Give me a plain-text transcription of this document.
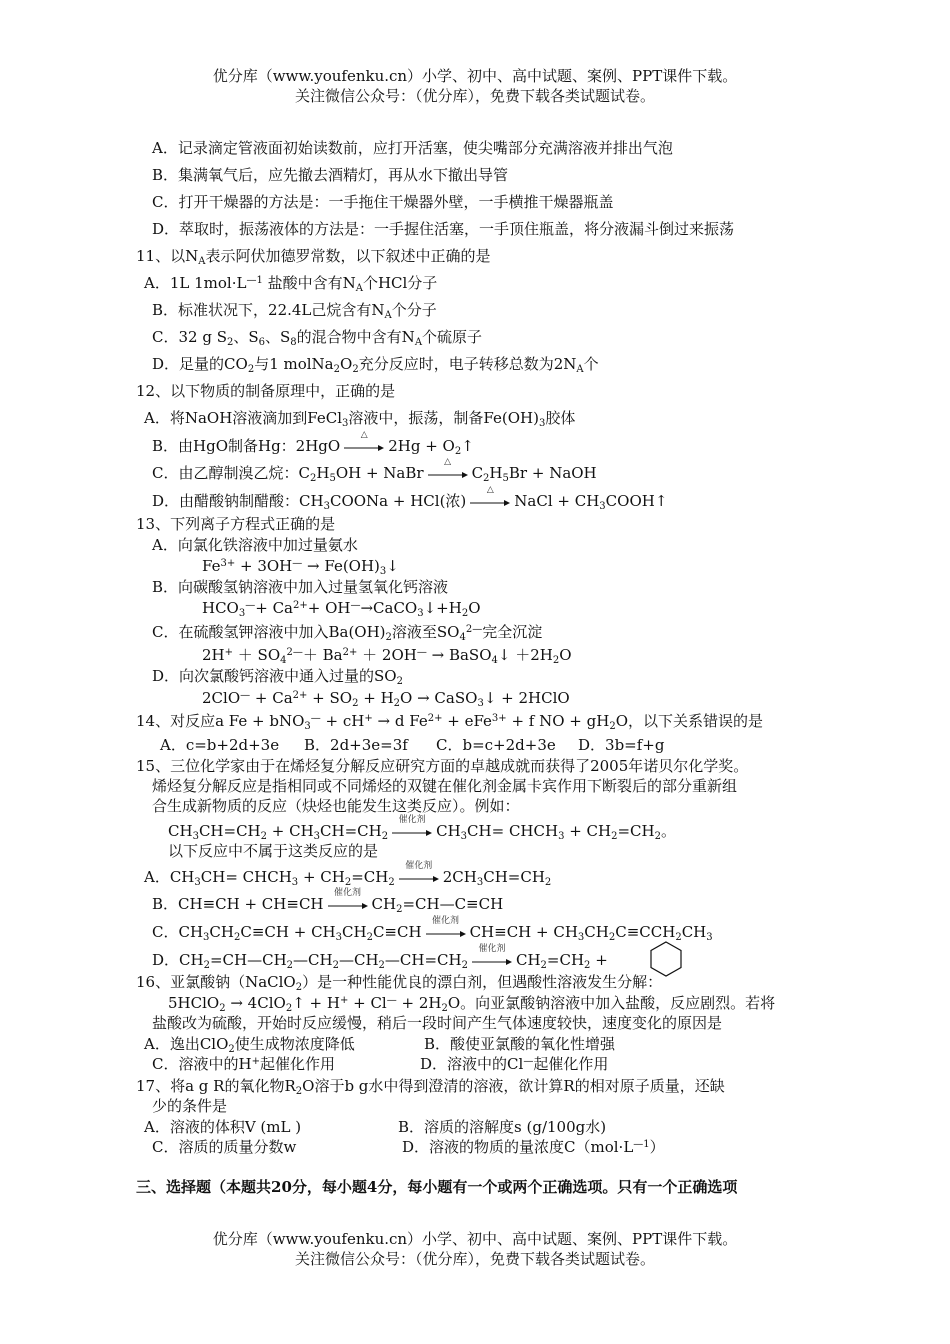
优分库（www.youfenku.cn）小学、初中、高中试题、案例、PPT课件下载。
关注微信公众号：（优分库），免费下载各类试题试卷。
A．记录滴定管液面初始读数前，应打开活塞，使尖嘴部分充满溶液并排出气泡
B．集满氧气后，应先撤去酒精灯，再从水下撤出导管
C．打开干燥器的方法是：一手拖住干燥器外壁，一手横推干燥器瓶盖
D．萃取时，振荡液体的方法是：一手握住活塞，一手顶住瓶盖，将分液漏斗倒过来振荡
11、以$N_A$表示阿伏加德罗常数，以下叙述中正确的是
A．1L $1mol\cdot L^{—1}$ 盐酸中含有$N_A$个HCl分子
B．标准状况下，22.4L己烷含有$N_A$个分子
C．32 g $S_2$、$S_6$、$S_8$的混合物中含有$N_A$个硫原子
D．足量的$CO_2$与1 $molNa_2O_2$充分反应时，电子转移总数为$2N_A$个
12、以下物质的制备原理中，正确的是
A．将NaOH溶液滴加到FeCl$_3$溶液中，振荡，制备$Fe(OH)_3$胶体
B．由HgO制备Hg：2HgO
△
$2Hg + O_2↑$
C．由乙醇制溴乙烷：$C_2H_5OH$ + NaBr
△
$C_2H_5Br$ + NaOH
D．由醋酸钠制醋酸：$CH_3COONa + HCl$(浓)
△
NaCl + $CH_3COOH↑$
13、下列离子方程式正确的是
A．向氯化铁溶液中加过量氨水
$Fe^{3+} + 3OH^—$ → $Fe(OH)_3↓$
B．向碳酸氢钠溶液中加入过量氢氧化钙溶液
$HCO_3^—+ Ca^{2+}+$ $OH^—\to CaCO_3↓+H_2O$
C．在硫酸氢钾溶液中加入$Ba(OH)_2$溶液至$SO_4^{2—}$完全沉淀
$2H^+ + SO_4^{2—}+ Ba^{2+} + 2OH^—$ → BaSO$_4$↓ $+2H_2O$
D．向次氯酸钙溶液中通入过量的$SO_2$
$2ClO^— + Ca^{2+} + SO_2 + H_2O$ → CaSO$_3$↓ + 2HClO
14、对反应a Fe + bNO$_3$— + cH+ → d $Fe^{2+} + eFe^{3+} + f$ NO + $gH_2O$，以下关系错误的是
A．c=b+2d+3e B．2d+3e=3f C．b=c+2d+3e D．3b=f+g
15、三位化学家由于在烯烃复分解反应研究方面的卓越成就而获得了2005年诺贝尔化学奖。
烯烃复分解反应是指相同或不同烯烃的双键在催化剂金属卡宾作用下断裂后的部分重新组
合生成新物质的反应（炔烃也能发生这类反应）。例如：
$CH_3CH=CH_2 + CH_3CH=CH_2$
催化剂
$CH_3CH=$ $CHCH_3 + CH_2=CH_2$。
以下反应中不属于这类反应的是
A．$CH_3CH=$ $CHCH_3 + CH_2=CH_2$
催化剂
$2CH_3CH=CH_2$
B．CH≡CH + CH≡CH
催化剂
$CH_2=CH—C\equiv CH$
C．$CH_3CH_2C\equiv CH + CH_3CH_2C\equiv CH$
催化剂
$CH\equiv CH + CH_3CH_2C\equiv CCH_2CH_3$
D．$CH_2=CH—CH_2—CH_2—CH_2—CH=CH_2$
催化剂
$CH_2=CH_2$ +
16、亚氯酸钠（NaClO$_2$）是一种性能优良的漂白剂，但遇酸性溶液发生分解：
5HClO$_2$ → 4ClO$_2$↑ + $H^+ + Cl^— + 2H_2O$。向亚氯酸钠溶液中加入盐酸，反应剧烈。若将
盐酸改为硫酸，开始时反应缓慢，稍后一段时间产生气体速度较快，速度变化的原因是
A．逸出ClO$_2$使生成物浓度降低	B．酸使亚氯酸的氧化性增强
C．溶液中的H+起催化作用	D．溶液中的Cl—起催化作用
17、将a g R的氧化物$R_2O$溶于b g水中得到澄清的溶液，欲计算R的相对原子质量，还缺
少的条件是
A．溶液的体积V (mL )	B．溶质的溶解度s (g/100g水)
C．溶质的质量分数w	D．溶液的物质的量浓度$C(mol\cdot L^{—1})$
三、选择题（本题共20分，每小题4分，每小题有一个或两个正确选项。只有一个正确选项
优分库（www.youfenku.cn）小学、初中、高中试题、案例、PPT课件下载。
关注微信公众号：（优分库），免费下载各类试题试卷。
